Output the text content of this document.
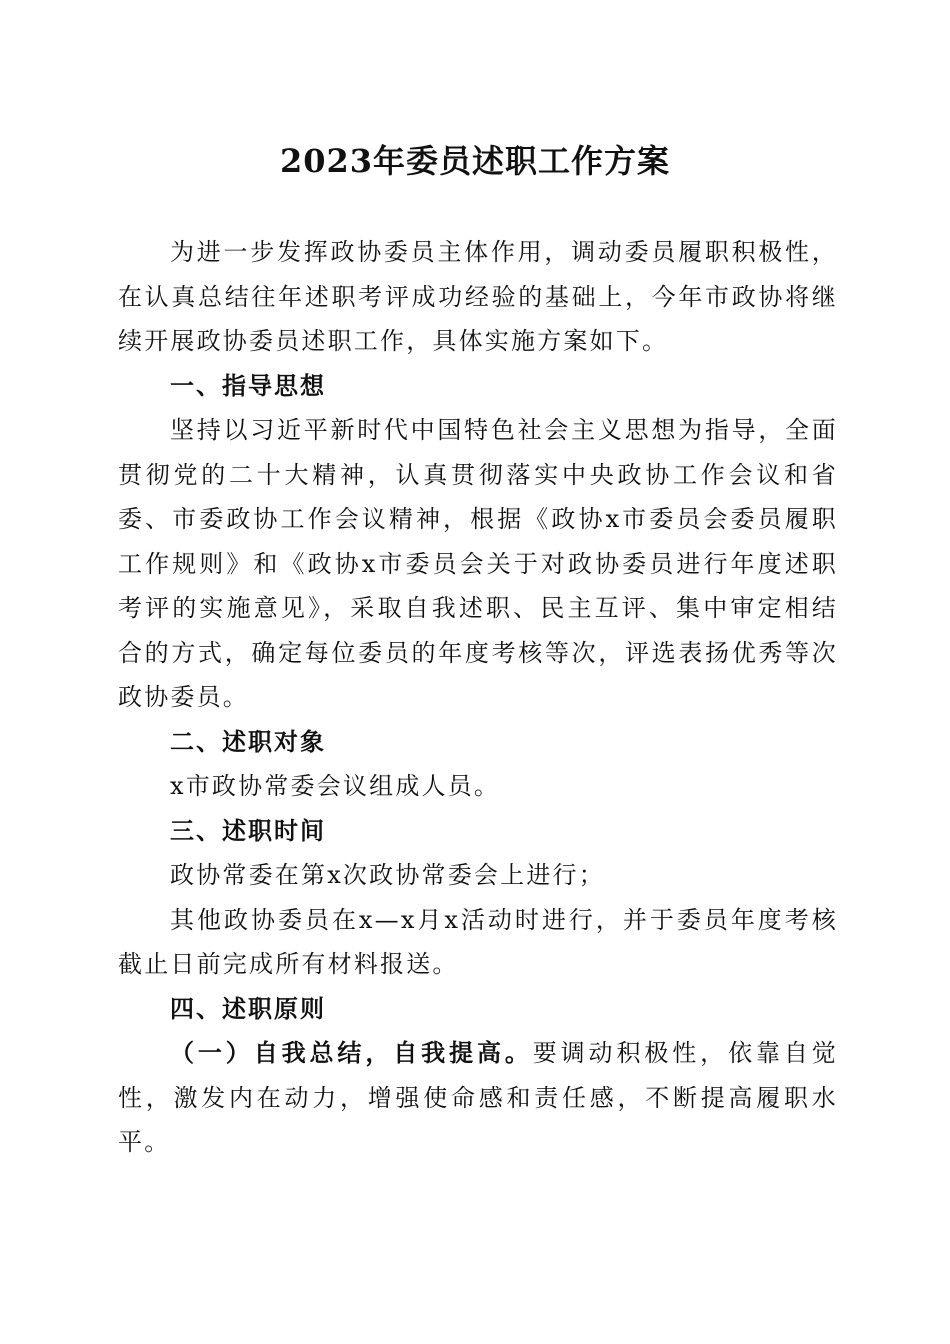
2023年委员述职工作方案

为进一步发挥政协委员主体作用，调动委员履职积极性，在认真总结往年述职考评成功经验的基础上，今年市政协将继续开展政协委员述职工作，具体实施方案如下。

一、指导思想

坚持以习近平新时代中国特色社会主义思想为指导，全面贯彻党的二十大精神，认真贯彻落实中央政协工作会议和省委、市委政协工作会议精神，根据《政协x市委员会委员履职工作规则》和《政协x市委员会关于对政协委员进行年度述职考评的实施意见》，采取自我述职、民主互评、集中审定相结合的方式，确定每位委员的年度考核等次，评选表扬优秀等次政协委员。

二、述职对象

x市政协常委会议组成人员。

三、述职时间

政协常委在第x次政协常委会上进行；

其他政协委员在x—x月x活动时进行，并于委员年度考核截止日前完成所有材料报送。

四、述职原则

（一）自我总结，自我提高。要调动积极性，依靠自觉性，激发内在动力，增强使命感和责任感，不断提高履职水平。
